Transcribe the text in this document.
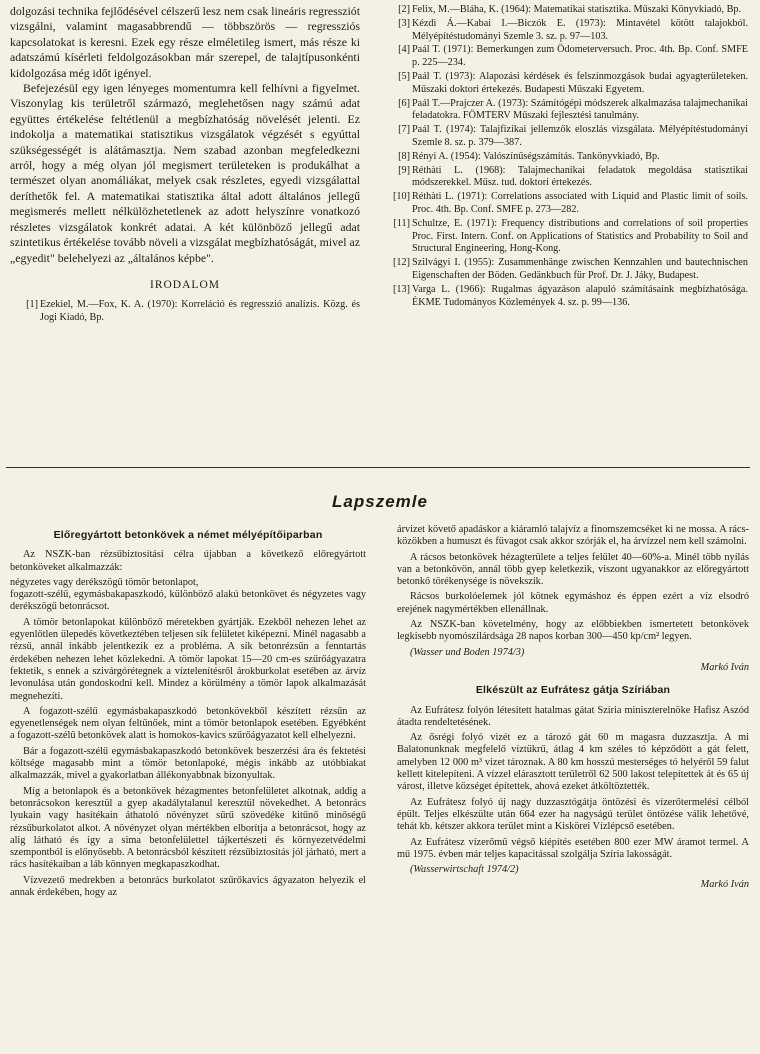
dolgozási technika fejlődésével célszerű lesz nem csak lineáris regressziót vizsgálni, valamint magasabbrendű — többszörös — regressziós kapcsolatokat is keresni. Ezek egy része elméletileg ismert, más része ki adatszámú kísérleti feldolgozásokban már szerepel, de talajtípusonkénti kidolgozása még időt igényel.

Befejezésül egy igen lényeges momentumra kell felhívni a figyelmet. Viszonylag kis területről származó, meglehetősen nagy számú adat együttes értékelése feltétlenül a megbízhatóság növelését jelenti. Ez indokolja a matematikai statisztikus vizsgálatok végzését s egyúttal szükségességét is alátámasztja. Nem szabad azonban megfeledkezni arról, hogy a még olyan jól megismert területeken is produkálhat a természet olyan anomáliákat, melyek csak részletes, egyedi vizsgálattal deríthetők fel. A matematikai statisztika által adott általános jellegű megismerés mellett nélkülözhetetlenek az adott helyszínre vonatkozó részletes vizsgálatok konkrét adatai. A két különböző jellegű adat szintetikus értékelése tovább növeli a vizsgálat megbízhatóságát, mivel az „egyedit" belehelyezi az „általános képbe".

IRODALOM
[1] Ezekiel, M.—Fox, K. A. (1970): Korreláció és regresszió analízis. Közg. és Jogi Kiadó, Bp.
[2] Felix, M.—Bláha, K. (1964): Matematikai statisztika. Műszaki Könyvkiadó, Bp.
[3] Kézdi Á.—Kabai I.—Biczók E. (1973): Mintavétel kötött talajokból. Mélyépítéstudományi Szemle 3. sz. p. 97—103.
[4] Paál T. (1971): Bemerkungen zum Ödometerversuch. Proc. 4th. Bp. Conf. SMFE p. 225—234.
[5] Paál T. (1973): Alapozási kérdések és felszínmozgások budai agyagterületeken. Műszaki doktori értekezés. Budapesti Műszaki Egyetem.
[6] Paál T.—Prajczer A. (1973): Számítógépi módszerek alkalmazása talajmechanikai feladatokra. FÖMTERV Műszaki fejlesztési tanulmány.
[7] Paál T. (1974): Talajfizikai jellemzők eloszlás vizsgálata. Mélyépítéstudományi Szemle 8. sz. p. 379—387.
[8] Rényi A. (1954): Valószínűségszámítás. Tankönyvkiadó, Bp.
[9] Réthàti L. (1968): Talajmechanikai feladatok megoldása statisztikai módszerekkel. Műsz. tud. doktori értekezés.
[10] Réthàti L. (1971): Correlations associated with Liquid and Plastic limit of soils. Proc. 4th. Bp. Conf. SMFE p. 273—282.
[11] Schultze, E. (1971): Frequency distributions and correlations of soil properties Proc. First. Intern. Conf. on Applications of Statistics and Probability to Soil and Structural Engineering, Hong-Kong.
[12] Szilvágyi I. (1955): Zusammenhänge zwischen Kennzahlen und bautechnischen Eigenschaften der Böden. Gedänkbuch für Prof. Dr. J. Jáky, Budapest.
[13] Varga L. (1966): Rugalmas ágyazáson alapuló számításaink megbízhatósága. ÉKME Tudományos Közlemények 4. sz. p. 99—136.
Lapszemle
Előregyártott betonkövek a német mélyépítőiparban

Az NSZK-ban rézsűbiztosítási célra újabban a következő előregyártott betonköveket alkalmazzák:

négyzetes vagy derékszögű tömör betonlapot,

fogazott-szélű, egymásbakapaszkodó, különböző alakú betonkövet és négyzetes vagy derékszögű betonrácsot.

A tömör betonlapokat különböző méretekben gyártják. Ezekből nehezen lehet az egyenlőtlen ülepedés következtében teljesen sík felületet kiképezni. Minél nagasabb a rézsű, annál inkább jelentkezik ez a probléma. A sík betonrézsűn a fenntartás érdekében nehezen lehet közlekedni. A tömör lapokat 15—20 cm-es szűrőágyazatra fektetik, s ennek a szivárgórétegnek a víztelenítésről árokburkolat esetében az árvíz levonulása után gondoskodni kell. Mindez a körülmény a tömör lapok alkalmazását megnehezíti.

A fogazott-szélű egymásbakapaszkodó betonkövekből készített rézsűn az egyenetlenségek nem olyan feltűnőek, mint a tömör betonlapok esetében. Egyébként a fogazott-szélű betonkövek alatt is homokos-kavics szűrőágyazatot kell elhelyezni.

Bár a fogazott-szélű egymásbakapaszkodó betonkövek beszerzési ára és fektetési költsége magasabb mint a tömör betonlapoké, mégis inkább az utóbbiakat alkalmazzák, mivel a gyakorlatban állékonyabbnak bizonyultak.

Míg a betonlapok és a betonkövek hézagmentes betonfelületet alkotnak, addig a betonrácsokon keresztül a gyep akadálytalanul keresztül növekedhet. A betonrács lyukain vagy hasítékain áthatoló növényzet sűrű szövedéke kitűnő minőségű rézsűburkolatot alkot. A növényzet olyan mértékben elborítja a betonrácsot, hogy az alig látható és így a sima betonfelülettel tájkertészeti és környezetvédelmi szempontból is előnyösebb. A betonrácsból készített rézsűbiztosítás jól járható, mert a rács hasítékaiban a láb könnyen megkapaszkodhat.

Vízvezető medrekben a betonrács burkolatot szűrőkavics ágyazaton helyezik el annak érdekében, hogy az

árvizet követő apadáskor a kiáramló talajvíz a finomszemcséket ki ne mossa. A rács-közökben a humuszt és füvagot csak akkor szórják el, ha árvízzel nem kell számolni.

A rácsos betonkövek hézagterülete a teljes felület 40—60%-a. Minél több nyílás van a betonkövön, annál több gyep keletkezik, viszont ugyanakkor az előregyártott betonkő törékenysége is növekszik.

Rácsos burkolóelemek jól kötnek egymáshoz és éppen ezért a víz elsodró erejének nagymértékben ellenállnak.

Az NSZK-ban követelmény, hogy az előbbiekben ismertetett betonkövek legkisebb nyomószilárdsága 28 napos korban 300—450 kp/cm² legyen.

(Wasser und Boden 1974/3)

Markó Iván

Elkészült az Eufrátesz gátja Szíriában

Az Eufrátesz folyón létesített hatalmas gátat Szíria miniszterelnöke Hafisz Aszód átadta rendeltetésének.

Az ősrégi folyó vizét ez a tározó gát 60 m magasra duzzasztja. A mi Balatonunknak megfelelő víztükrű, átlag 4 km széles tó képződött a gát felett, amelyben 12 000 m³ vizet tároznak. A 80 km hosszú mesterséges tó helyéről 59 falut kellett kitelepíteni. A vízzel elárasztott területről 62 500 lakost telepítettek át és 65 új várost, illetve községet építettek, ahová ezeket átköltöztették.

Az Eufrátesz folyó új nagy duzzasztógátja öntözési és vízerőtermelési célból épült. Teljes elkészülte után 664 ezer ha nagyságú terület öntözése válik lehetővé, tehát kb. kétszer akkora terület mint a Kiskörei Vízlépcső esetében.

Az Eufrátesz vízerőmű végső kiépítés esetében 800 ezer MW áramot termel. A mű 1975. évben már teljes kapacitással szolgálja Szíria lakosságát.

(Wasserwirtschaft 1974/2)

Markó Iván
